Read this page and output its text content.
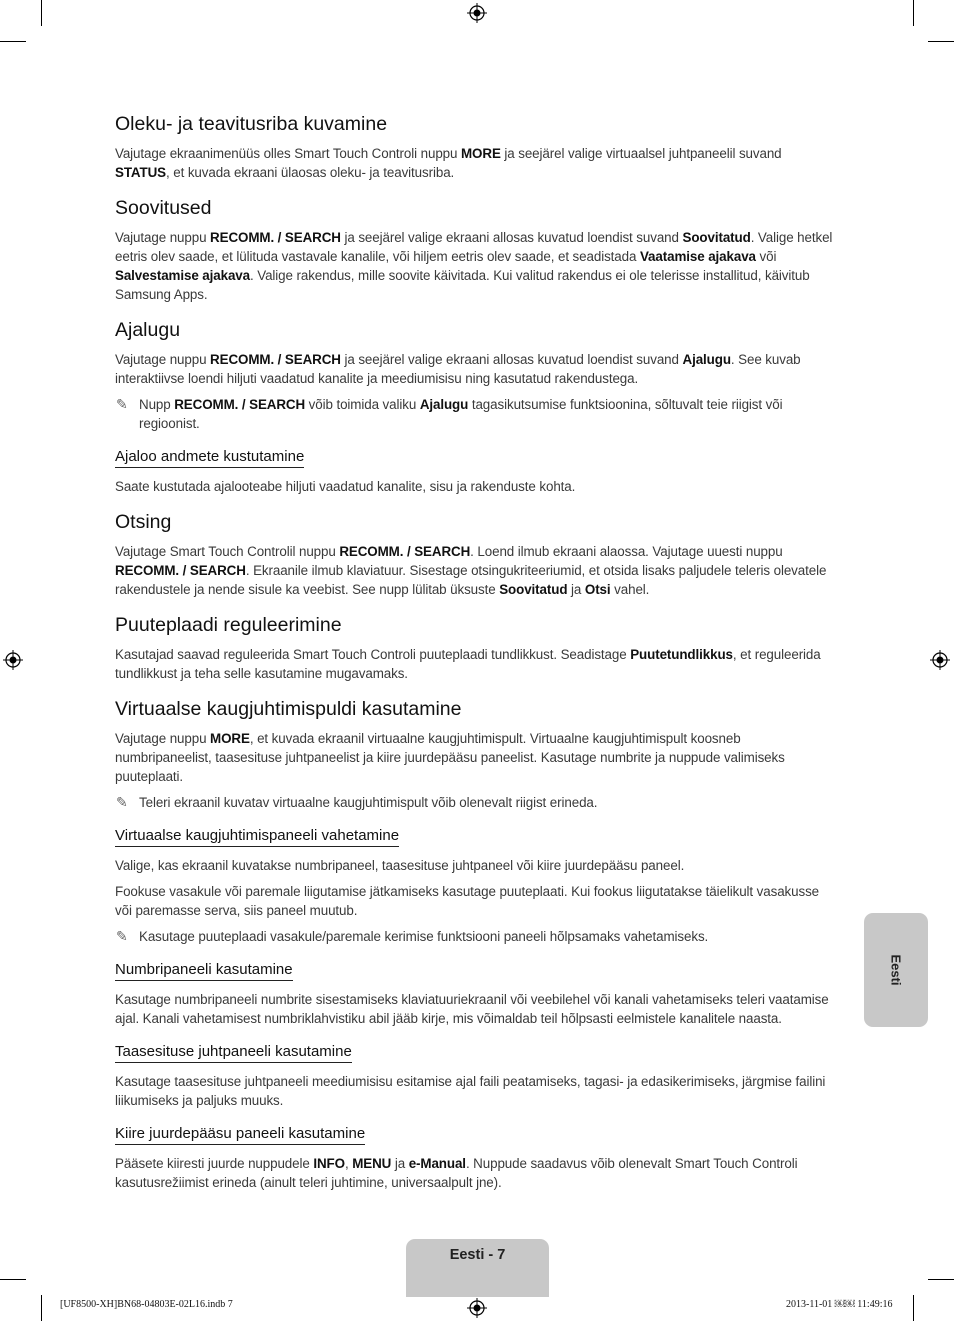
Oleku- ja teavitusriba kuvamine

Vajutage ekraanimenüüs olles Smart Touch Controli nuppu MORE ja seejärel valige virtuaalsel juhtpaneelil suvand STATUS, et kuvada ekraani ülaosas oleku- ja teavitusriba.

Soovitused

Vajutage nuppu RECOMM. / SEARCH ja seejärel valige ekraani allosas kuvatud loendist suvand Soovitatud. Valige hetkel eetris olev saade, et lülituda vastavale kanalile, või hiljem eetris olev saade, et seadistada Vaatamise ajakava või Salvestamise ajakava. Valige rakendus, mille soovite käivitada. Kui valitud rakendus ei ole telerisse installitud, käivitub Samsung Apps.

Ajalugu

Vajutage nuppu RECOMM. / SEARCH ja seejärel valige ekraani allosas kuvatud loendist suvand Ajalugu. See kuvab interaktiivse loendi hiljuti vaadatud kanalite ja meediumisisu ning kasutatud rakendustega.

✎ Nupp RECOMM. / SEARCH võib toimida valiku Ajalugu tagasikutsumise funktsioonina, sõltuvalt teie riigist või regioonist.
Ajaloo andmete kustutamine

Saate kustutada ajalooteabe hiljuti vaadatud kanalite, sisu ja rakenduste kohta.

Otsing

Vajutage Smart Touch Controlil nuppu RECOMM. / SEARCH. Loend ilmub ekraani alaossa. Vajutage uuesti nuppu RECOMM. / SEARCH. Ekraanile ilmub klaviatuur. Sisestage otsingukriteeriumid, et otsida lisaks paljudele teleris olevatele rakendustele ja nende sisule ka veebist. See nupp lülitab üksuste Soovitatud ja Otsi vahel.

Puuteplaadi reguleerimine

Kasutajad saavad reguleerida Smart Touch Controli puuteplaadi tundlikkust. Seadistage Puutetundlikkus, et reguleerida tundlikkust ja teha selle kasutamine mugavamaks.

Virtuaalse kaugjuhtimispuldi kasutamine

Vajutage nuppu MORE, et kuvada ekraanil virtuaalne kaugjuhtimispult. Virtuaalne kaugjuhtimispult koosneb numbripaneelist, taasesituse juhtpaneelist ja kiire juurdepääsu paneelist. Kasutage numbrite ja nuppude valimiseks puuteplaati.

✎ Teleri ekraanil kuvatav virtuaalne kaugjuhtimispult võib olenevalt riigist erineda.
Virtuaalse kaugjuhtimispaneeli vahetamine

Valige, kas ekraanil kuvatakse numbripaneel, taasesituse juhtpaneel või kiire juurdepääsu paneel.

Fookuse vasakule või paremale liigutamise jätkamiseks kasutage puuteplaati. Kui fookus liigutatakse täielikult vasakusse või paremasse serva, siis paneel muutub.

✎ Kasutage puuteplaadi vasakule/paremale kerimise funktsiooni paneeli hõlpsamaks vahetamiseks.
Numbripaneeli kasutamine

Kasutage numbripaneeli numbrite sisestamiseks klaviatuuriekraanil või veebilehel või kanali vahetamiseks teleri vaatamise ajal. Kanali vahetamisest numbriklahvistiku abil jääb kirje, mis võimaldab teil hõlpsasti eelmistele kanalitele naasta.

Taasesituse juhtpaneeli kasutamine

Kasutage taasesituse juhtpaneeli meediumisisu esitamise ajal faili peatamiseks, tagasi- ja edasikerimiseks, järgmise failini liikumiseks ja paljuks muuks.

Kiire juurdepääsu paneeli kasutamine

Pääsete kiiresti juurde nuppudele INFO, MENU ja e-Manual. Nuppude saadavus võib olenevalt Smart Touch Controli kasutusrežiimist erineda (ainult teleri juhtimine, universaalpult jne).

Eesti
Eesti - 7
[UF8500-XH]BN68-04803E-02L16.indb 7	2013-11-01 ￼￼ 11:49:16
